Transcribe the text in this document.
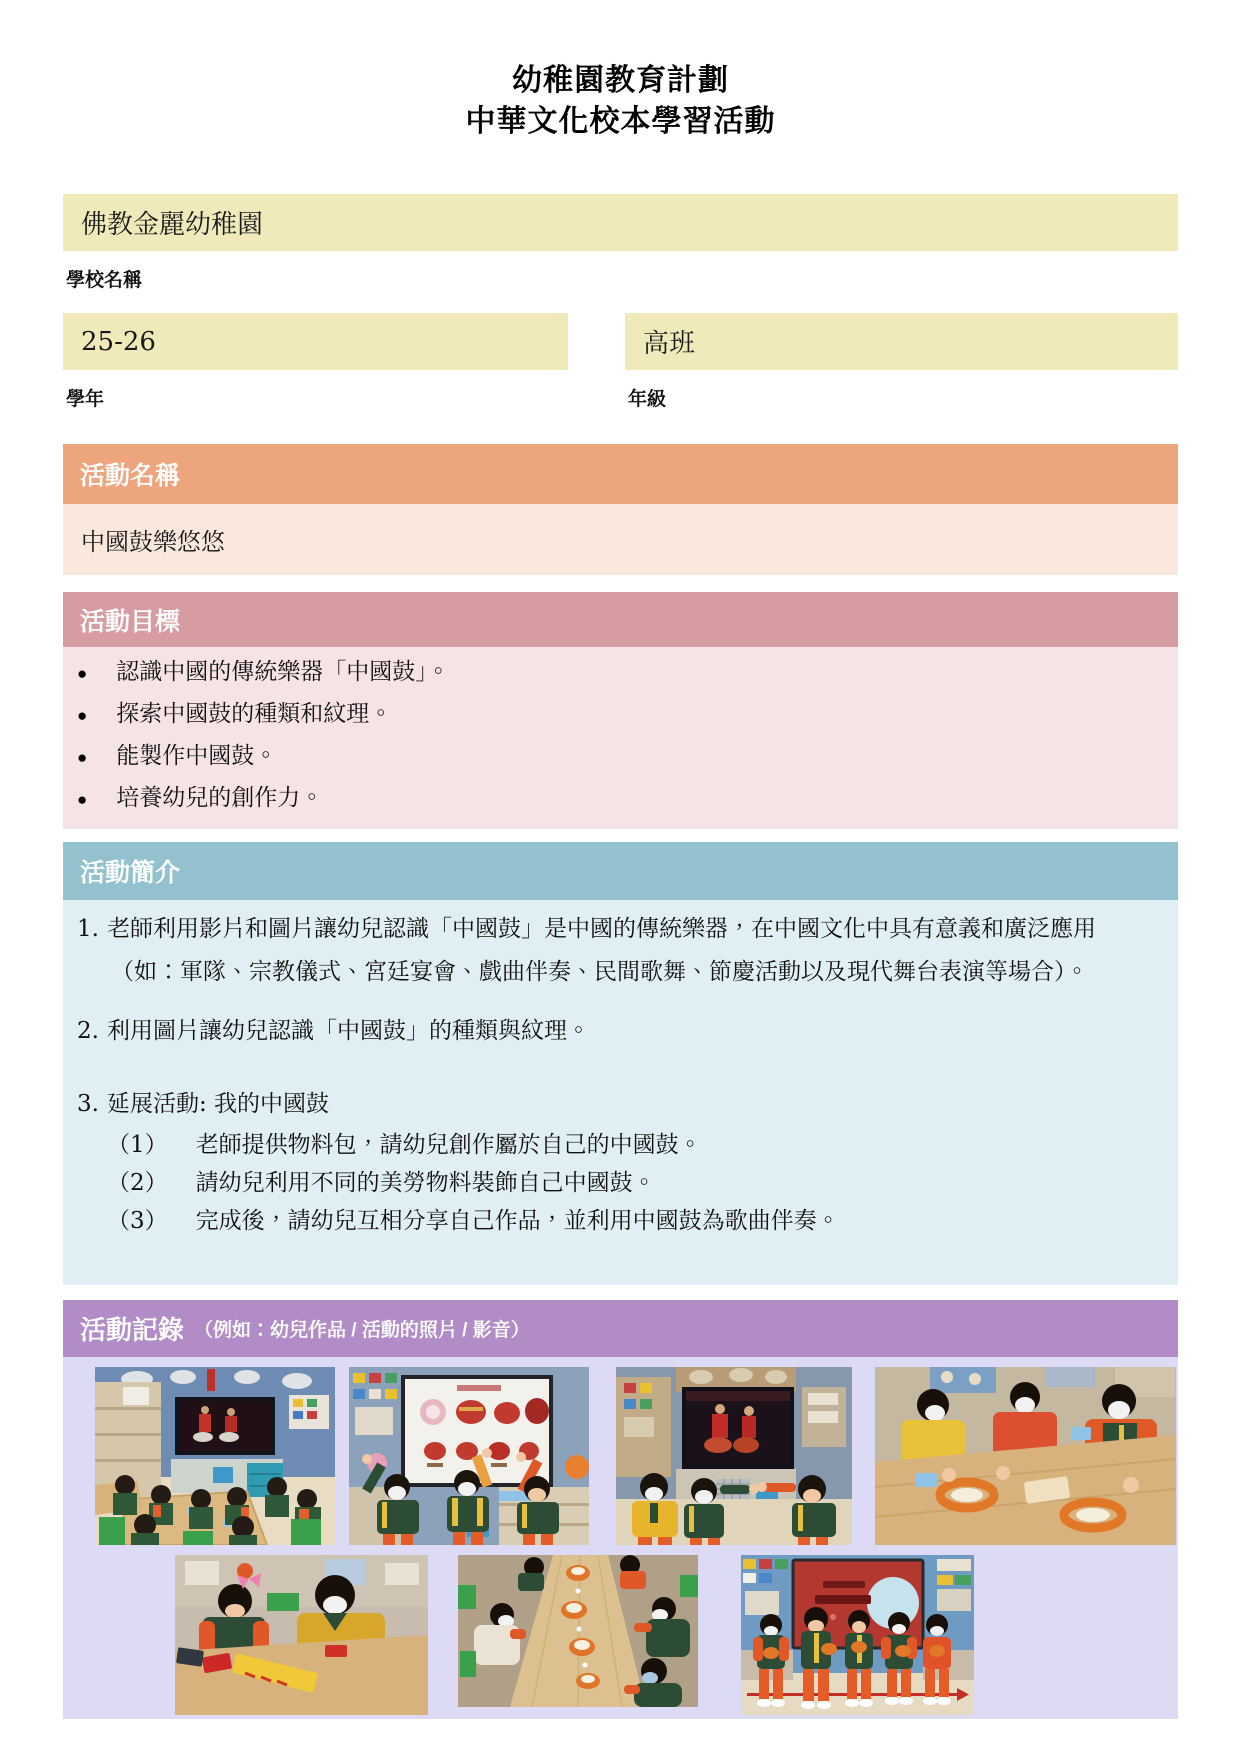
幼稚園教育計劃
中華文化校本學習活動
佛教金麗幼稚園
學校名稱
25-26
學年
高班
年級
活動名稱
中國鼓樂悠悠
活動目標
● 認識中國的傳統樂器「中國鼓」。
● 探索中國鼓的種類和紋理。
● 能製作中國鼓。
● 培養幼兒的創作力。
活動簡介

1. 老師利用影片和圖片讓幼兒認識「中國鼓」是中國的傳統樂器，在中國文化中具有意義和廣泛應用（如：軍隊、宗教儀式、宮廷宴會、戲曲伴奏、民間歌舞、節慶活動以及現代舞台表演等場合）。

2. 利用圖片讓幼兒認識「中國鼓」的種類與紋理。

3. 延展活動: 我的中國鼓

（1） 老師提供物料包，請幼兒創作屬於自己的中國鼓。
（2） 請幼兒利用不同的美勞物料裝飾自己中國鼓。
（3） 完成後，請幼兒互相分享自己作品，並利用中國鼓為歌曲伴奏。
活動記錄 （例如：幼兒作品 / 活動的照片 / 影音）
